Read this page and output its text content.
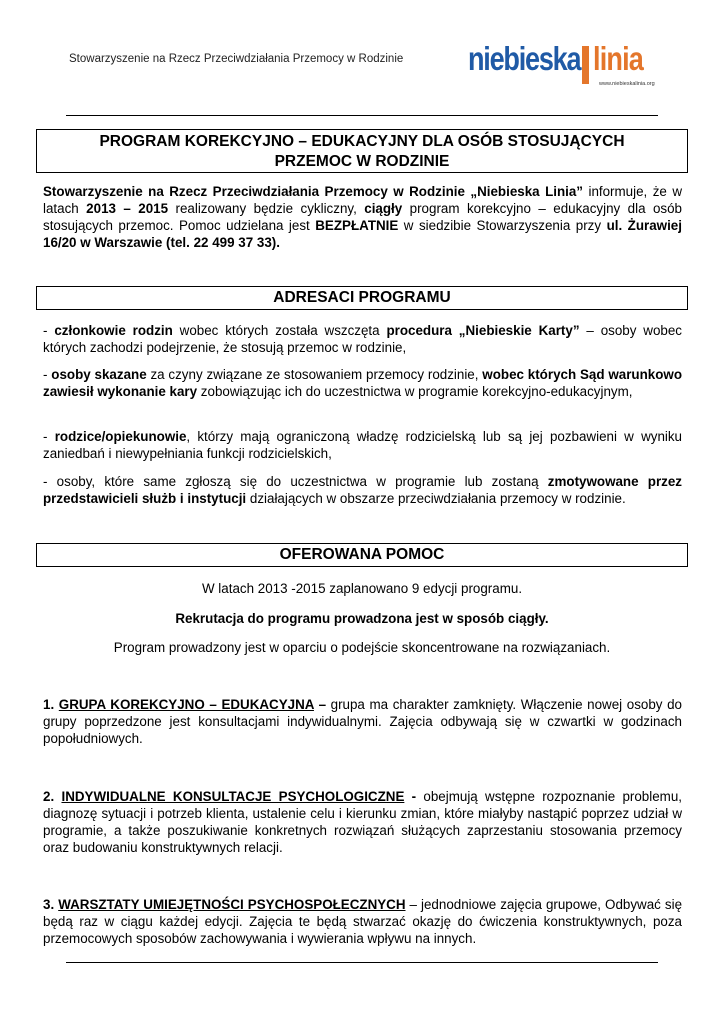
Stowarzyszenie na Rzecz Przeciwdziałania Przemocy w Rodzinie niebieska linia
www.niebieskalinia.org
PROGRAM KOREKCYJNO – EDUKACYJNY DLA OSÓB STOSUJĄCYCH
PRZEMOC W RODZINIE
Stowarzyszenie na Rzecz Przeciwdziałania Przemocy w Rodzinie „Niebieska Linia” informuje, że w latach 2013 – 2015 realizowany będzie cykliczny, ciągły program korekcyjno – edukacyjny dla osób stosujących przemoc. Pomoc udzielana jest BEZPŁATNIE w siedzibie Stowarzyszenia przy ul. Żurawiej 16/20 w Warszawie (tel. 22 499 37 33).
ADRESACI PROGRAMU
- członkowie rodzin wobec których została wszczęta procedura „Niebieskie Karty” – osoby wobec których zachodzi podejrzenie, że stosują przemoc w rodzinie,
- osoby skazane za czyny związane ze stosowaniem przemocy rodzinie, wobec których Sąd warunkowo zawiesił wykonanie kary zobowiązując ich do uczestnictwa w programie korekcyjno-edukacyjnym,
- rodzice/opiekunowie, którzy mają ograniczoną władzę rodzicielską lub są jej pozbawieni w wyniku zaniedbań i niewypełniania funkcji rodzicielskich,
- osoby, które same zgłoszą się do uczestnictwa w programie lub zostaną zmotywowane przez przedstawicieli służb i instytucji działających w obszarze przeciwdziałania przemocy w rodzinie.
OFEROWANA POMOC
W latach 2013 -2015 zaplanowano 9 edycji programu.
Rekrutacja do programu prowadzona jest w sposób ciągły.
Program prowadzony jest w oparciu o podejście skoncentrowane na rozwiązaniach.
1. GRUPA KOREKCYJNO – EDUKACYJNA – grupa ma charakter zamknięty. Włączenie nowej osoby do grupy poprzedzone jest konsultacjami indywidualnymi. Zajęcia odbywają się w czwartki w godzinach popołudniowych.
2. INDYWIDUALNE KONSULTACJE PSYCHOLOGICZNE - obejmują wstępne rozpoznanie problemu, diagnozę sytuacji i potrzeb klienta, ustalenie celu i kierunku zmian, które miałyby nastąpić poprzez udział w programie, a także poszukiwanie konkretnych rozwiązań służących zaprzestaniu stosowania przemocy oraz budowaniu konstruktywnych relacji.
3. WARSZTATY UMIEJĘTNOŚCI PSYCHOSPOŁECZNYCH – jednodniowe zajęcia grupowe, Odbywać się będą raz w ciągu każdej edycji. Zajęcia te będą stwarzać okazję do ćwiczenia konstruktywnych, poza przemocowych sposobów zachowywania i wywierania wpływu na innych.
